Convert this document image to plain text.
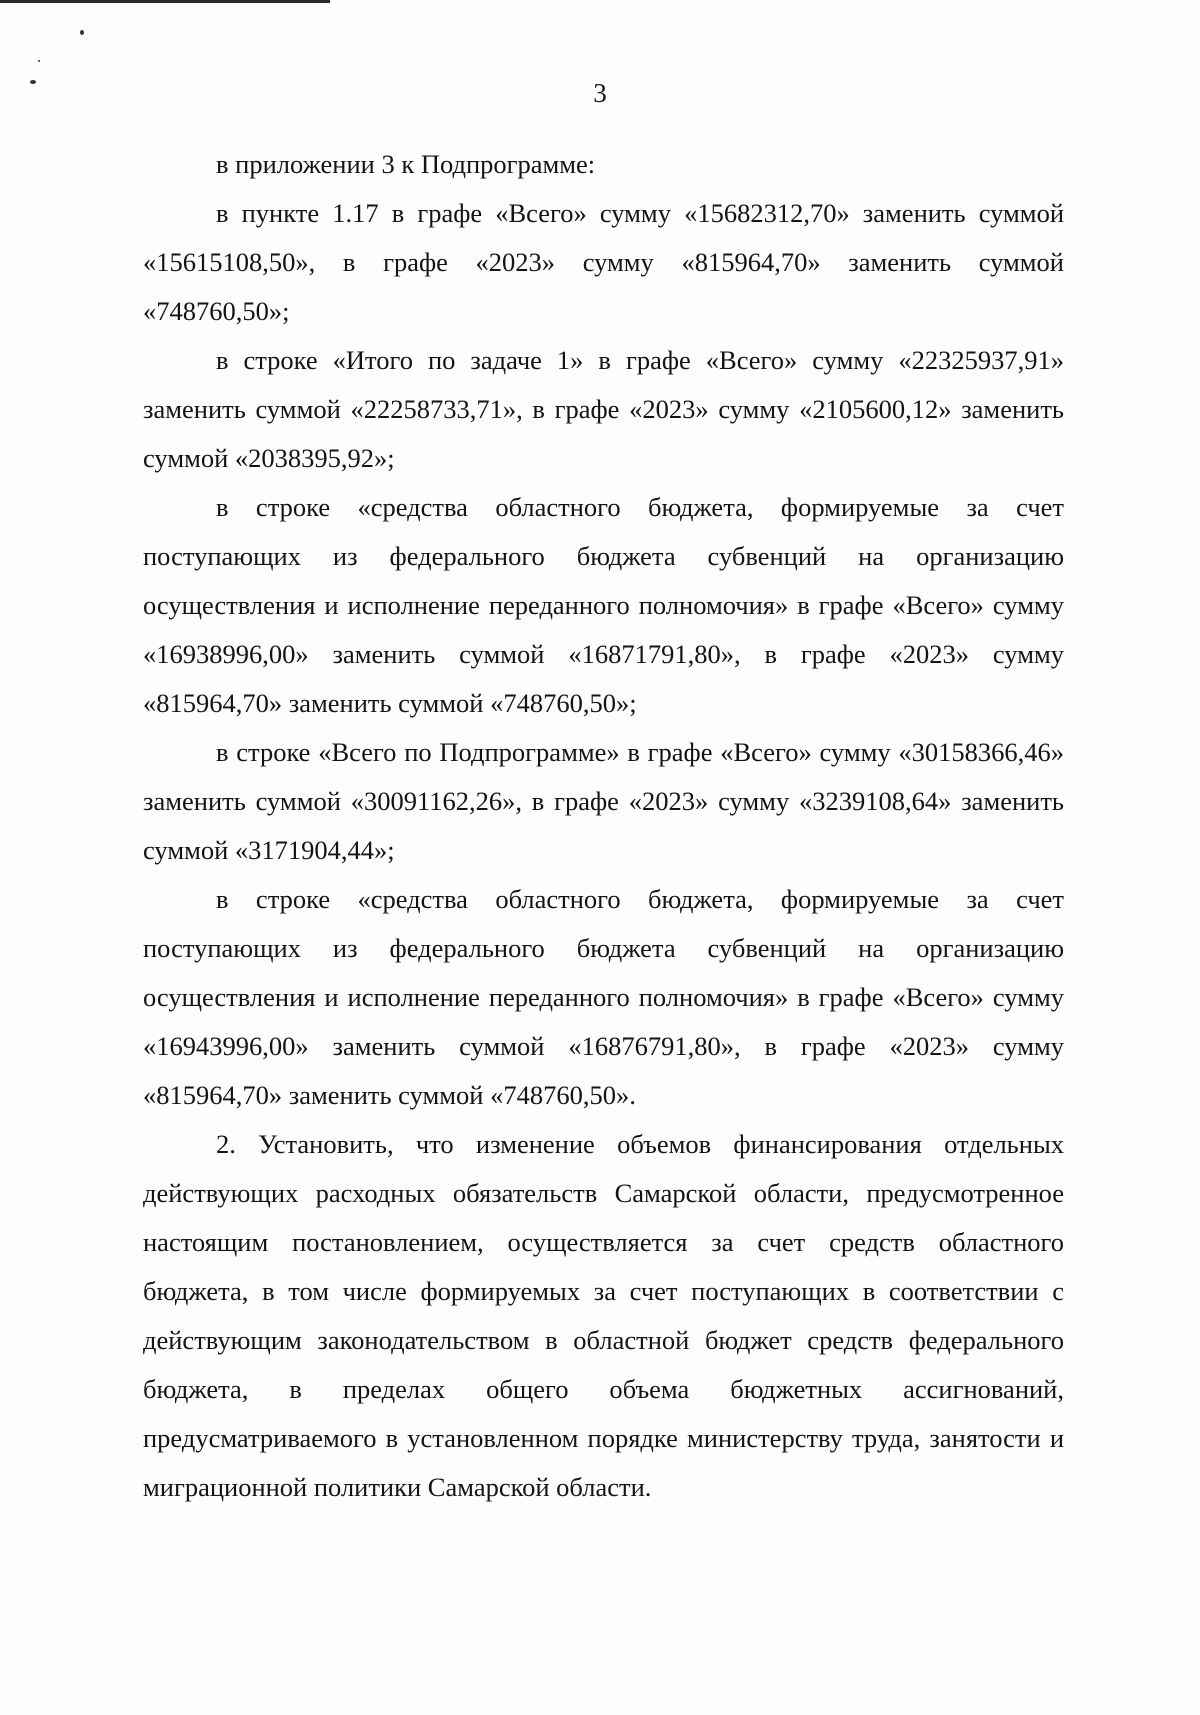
3

в приложении 3 к Подпрограмме:

в пункте 1.17 в графе «Всего» сумму «15682312,70» заменить суммой «15615108,50», в графе «2023» сумму «815964,70» заменить суммой «748760,50»;

в строке «Итого по задаче 1» в графе «Всего» сумму «22325937,91» заменить суммой «22258733,71», в графе «2023» сумму «2105600,12» заменить суммой «2038395,92»;

в строке «средства областного бюджета, формируемые за счет поступающих из федерального бюджета субвенций на организацию осуществления и исполнение переданного полномочия» в графе «Всего» сумму «16938996,00» заменить суммой «16871791,80», в графе «2023» сумму «815964,70» заменить суммой «748760,50»;

в строке «Всего по Подпрограмме» в графе «Всего» сумму «30158366,46» заменить суммой «30091162,26», в графе «2023» сумму «3239108,64» заменить суммой «3171904,44»;

в строке «средства областного бюджета, формируемые за счет поступающих из федерального бюджета субвенций на организацию осуществления и исполнение переданного полномочия» в графе «Всего» сумму «16943996,00» заменить суммой «16876791,80», в графе «2023» сумму «815964,70» заменить суммой «748760,50».

2. Установить, что изменение объемов финансирования отдельных действующих расходных обязательств Самарской области, предусмотренное настоящим постановлением, осуществляется за счет средств областного бюджета, в том числе формируемых за счет поступающих в соответствии с действующим законодательством в областной бюджет средств федерального бюджета, в пределах общего объема бюджетных ассигнований, предусматриваемого в установленном порядке министерству труда, занятости и миграционной политики Самарской области.
